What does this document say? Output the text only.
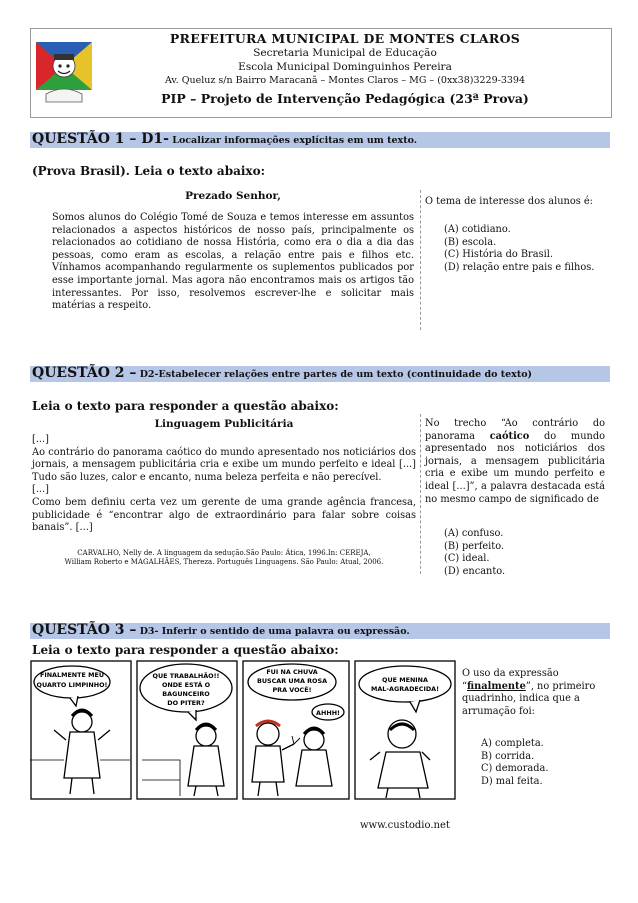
PREFEITURA MUNICIPAL DE MONTES CLAROS
Secretaria Municipal de Educação
Escola Municipal Dominguinhos Pereira
Av. Queluz s/n Bairro Maracanã – Montes Claros – MG – (0xx38)3229-3394
PIP – Projeto de Intervenção Pedagógica (23ª Prova)
QUESTÃO 1 – D1- Localizar informações explícitas em um texto.
(Prova Brasil). Leia o texto abaixo:
Prezado Senhor,
Somos alunos do Colégio Tomé de Souza e temos interesse em assuntos relacionados a aspectos históricos de nosso país, principalmente os relacionados ao cotidiano de nossa História, como era o dia a dia das pessoas, como eram as escolas, a relação entre pais e filhos etc. Vínhamos acompanhando regularmente os suplementos publicados por esse importante jornal. Mas agora não encontramos mais os artigos tão interessantes. Por isso, resolvemos escrever-lhe e solicitar mais matérias a respeito.
O tema de interesse dos alunos é:
(A) cotidiano.
(B) escola.
(C) História do Brasil.
(D) relação entre pais e filhos.
QUESTÃO 2 – D2-Estabelecer relações entre partes de um texto (continuidade do texto)
Leia o texto para responder a questão abaixo:
Linguagem Publicitária
[...]
Ao contrário do panorama caótico do mundo apresentado nos noticiários dos jornais, a mensagem publicitária cria e exibe um mundo perfeito e ideal [...] Tudo são luzes, calor e encanto, numa beleza perfeita e não perecível.
[...]
Como bem definiu certa vez um gerente de uma grande agência francesa, publicidade é “encontrar algo de extraordinário para falar sobre coisas banais”. [...]
CARVALHO, Nelly de. A linguagem da sedução.São Paulo: Ática, 1996.In: CEREJA,
William Roberto e MAGALHÃES, Thereza. Português Linguagens. São Paulo: Atual, 2006.
No trecho “Ao contrário do panorama caótico do mundo apresentado nos noticiários dos jornais, a mensagem publicitária cria e exibe um mundo perfeito e ideal [...]”, a palavra destacada está no mesmo campo de significado de
(A) confuso.
(B) perfeito.
(C) ideal.
(D) encanto.
QUESTÃO 3 – D3- Inferir o sentido de uma palavra ou expressão.
Leia o texto para responder a questão abaixo:
FINALMENTE MEU
QUARTO LIMPINHO!
QUE TRABALHÃO!!
ONDE ESTÁ O
BAGUNCEIRO
DO PITER?
FUI NA CHUVA
BUSCAR UMA ROSA
PRA VOCÊ!
AHHH!
QUE MENINA
MAL-AGRADECIDA!
O uso da expressão “finalmente”, no primeiro quadrinho, indica que a arrumação foi:
A) completa.
B) corrida.
C) demorada.
D) mal feita.
www.custodio.net
